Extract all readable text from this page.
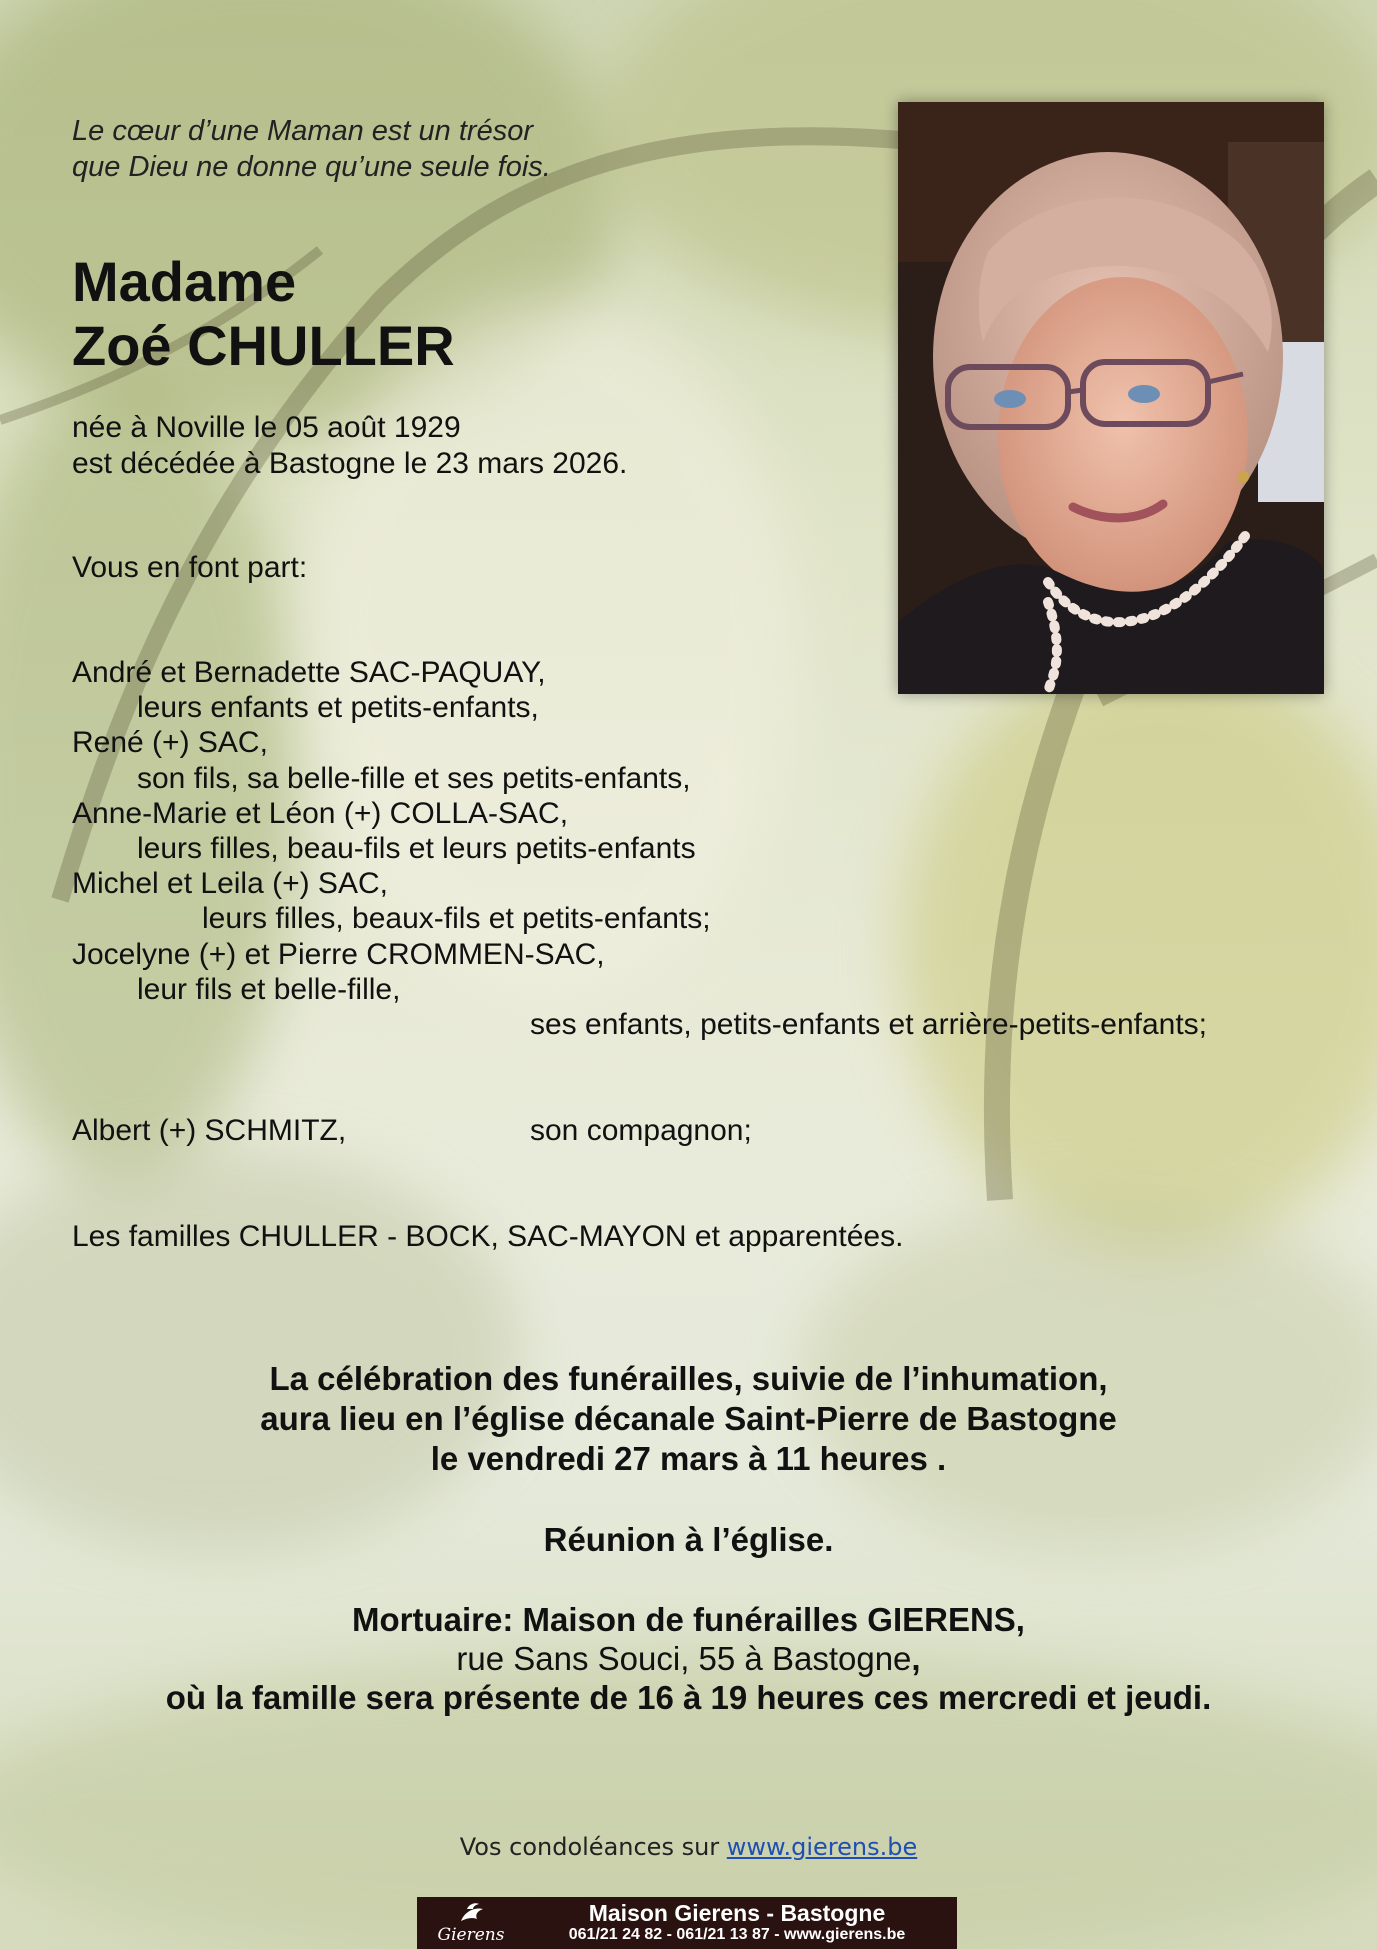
Le cœur d’une Maman est un trésor
que Dieu ne donne qu’une seule fois.
Madame
Zoé CHULLER
née à Noville le 05 août 1929
est décédée à Bastogne le 23 mars 2026.
Vous en font part:
André et Bernadette SAC-PAQUAY,
leurs enfants et petits-enfants,
René (+) SAC,
son fils, sa belle-fille et ses petits-enfants,
Anne-Marie et Léon (+) COLLA-SAC,
leurs filles, beau-fils et leurs petits-enfants
Michel et Leila (+) SAC,
leurs filles, beaux-fils et petits-enfants;
Jocelyne (+) et Pierre CROMMEN-SAC,
leur fils et belle-fille,
ses enfants, petits-enfants et arrière-petits-enfants;
Albert (+) SCHMITZ,	son compagnon;
Les familles CHULLER - BOCK, SAC-MAYON et apparentées.
La célébration des funérailles, suivie de l’inhumation,
aura lieu en l’église décanale Saint-Pierre de Bastogne
le vendredi 27 mars à 11 heures .
Réunion à l’église.
Mortuaire: Maison de funérailles GIERENS,
rue Sans Souci, 55 à Bastogne,
où la famille sera présente de 16 à 19 heures ces mercredi et jeudi.
Vos condoléances sur www.gierens.be
Gierens
Maison Gierens - Bastogne
061/21 24 82 - 061/21 13 87 - www.gierens.be
